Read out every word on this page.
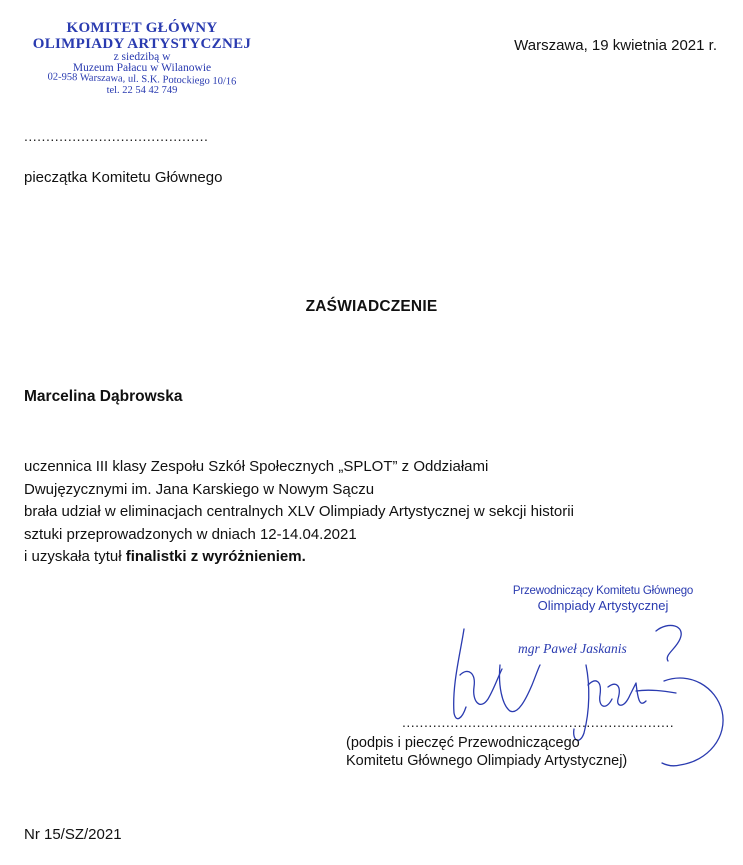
KOMITET GŁÓWNY
OLIMPIADY ARTYSTYCZNEJ
z siedzibą w
Muzeum Pałacu w Wilanowie
02-958 Warszawa, ul. S.K. Potockiego 10/16
tel. 22 54 42 749
Warszawa, 19 kwietnia 2021 r.
..........................................
pieczątka Komitetu Głównego
ZAŚWIADCZENIE
Marcelina Dąbrowska
uczennica III klasy Zespołu Szkół Społecznych „SPLOT” z Oddziałami
Dwujęzycznymi im. Jana Karskiego w Nowym Sączu
brała udział w eliminacjach centralnych XLV Olimpiady Artystycznej w sekcji historii
sztuki przeprowadzonych w dniach 12-14.04.2021
i uzyskała tytuł finalistki z wyróżnieniem.
Przewodniczący Komitetu Głównego
Olimpiady Artystycznej
mgr Paweł Jaskanis
..............................................................
(podpis i pieczęć Przewodniczącego
Komitetu Głównego Olimpiady Artystycznej)
Nr 15/SZ/2021
